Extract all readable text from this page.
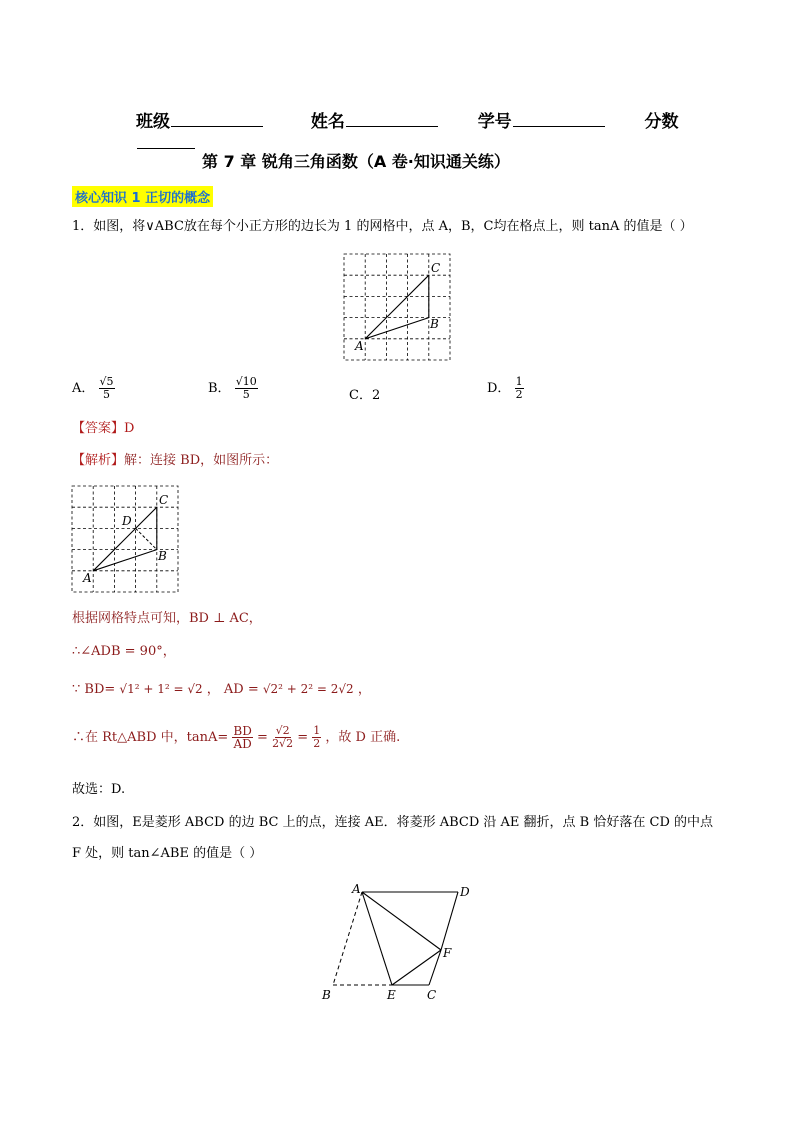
班级	姓名	学号	分数
第 7 章 锐角三角函数（A 卷·知识通关练）
核心知识 1 正切的概念
1．如图，将∨ABC放在每个小正方形的边长为 1 的网格中，点 A，B，C均在格点上，则 tanA 的值是（ ）
C
B
A
A． $\frac{√5}{5}$	B． $\frac{√10}{5}$	C．2	D． $\frac{1}{2}$
【答案】D
【解析】解：连接 BD，如图所示：
C
D
B
A
根据网格特点可知，BD ⊥ AC，
∴∠ADB = 90°，
∵ BD= √1² + 1² = √2 ， AD = √2² + 2² = 2√2 ，
∴在 Rt△ABD 中，$\tan A= \frac{BD}{AD} = \frac{√2}{2√2} = \frac{1}{2}$ ，故 D 正确.
故选：D.
2．如图，E是菱形 ABCD 的边 BC 上的点，连接 AE．将菱形 ABCD 沿 AE 翻折，点 B 恰好落在 CD 的中点
F 处，则 tan∠ABE 的值是（ ）
A	D
F
B	E	C
